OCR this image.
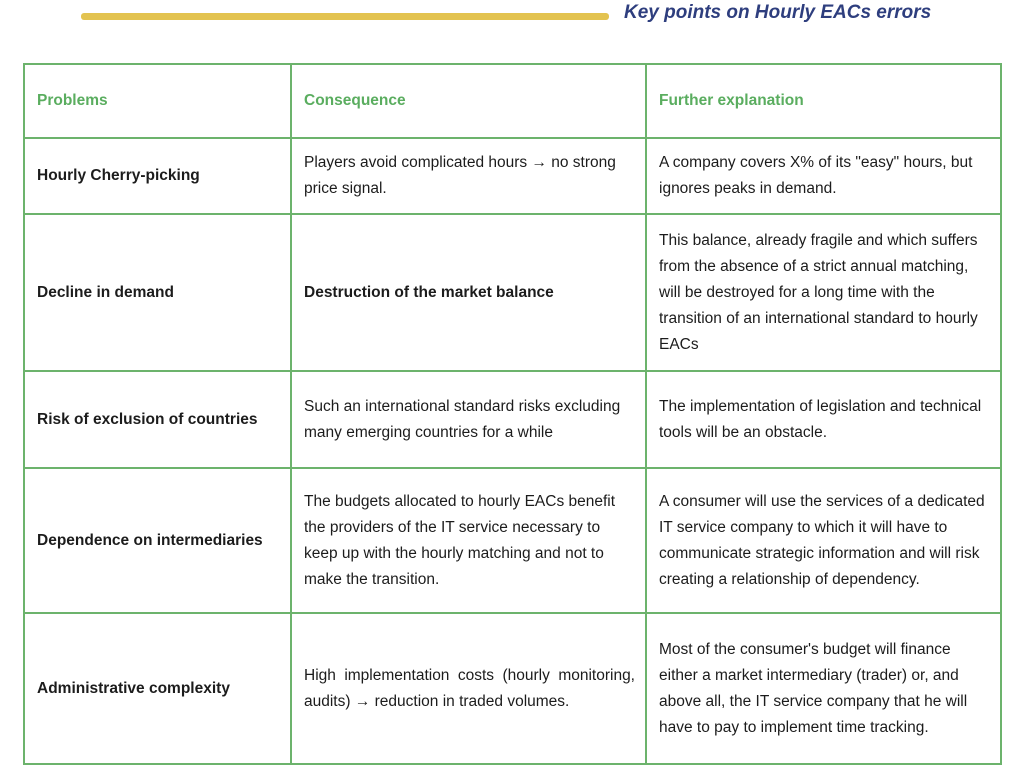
Key points on Hourly EACs errors
Problems	Consequence	Further explanation
Hourly Cherry-picking	Players avoid complicated hours → no strong price signal.	A company covers X% of its "easy" hours, but ignores peaks in demand.
Decline in demand	Destruction of the market balance	This balance, already fragile and which suffers from the absence of a strict annual matching, will be destroyed for a long time with the transition of an international standard to hourly EACs
Risk of exclusion of countries	Such an international standard risks excluding many emerging countries for a while	The implementation of legislation and technical tools will be an obstacle.
Dependence on intermediaries	The budgets allocated to hourly EACs benefit the providers of the IT service necessary to keep up with the hourly matching and not to make the transition.	A consumer will use the services of a dedicated IT service company to which it will have to communicate strategic information and will risk creating a relationship of dependency.
Administrative complexity	High implementation costs (hourly monitoring, audits) → reduction in traded volumes.	Most of the consumer's budget will finance either a market intermediary (trader) or, and above all, the IT service company that he will have to pay to implement time tracking.
